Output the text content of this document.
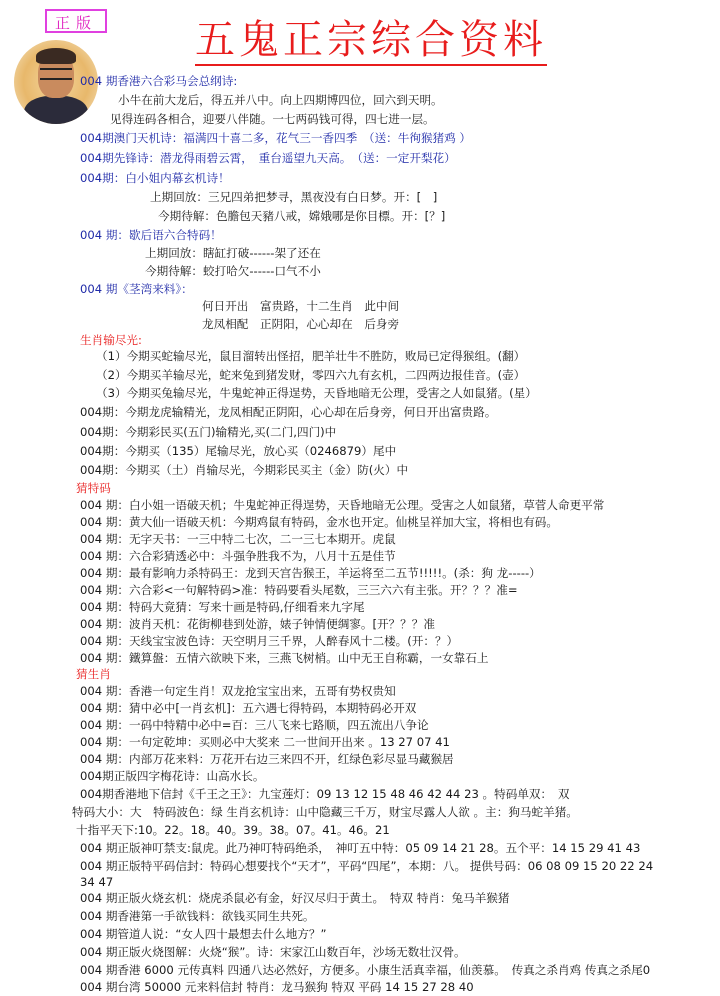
正版 五鬼正宗综合资料
004 期香港六合彩马会总纲诗:
小牛在前大龙后，得五并八中。向上四期博四位，回六到天明。
见得连码各相合，迎要八伴随。一七两码钱可得，四七进一层。
004期澳门天机诗：福满四十喜二多，花气三一香四季　（送：牛徇猴猪鸡 ）
004期先锋诗：潜龙得雨碧云霄，　重台遥望九天高。　（送：一定开梨花）
004期：白小姐内幕玄机诗！
上期回放：三兄四弟把梦寻，黑夜没有白日梦。开：[　]
今期待解：色膽包天豬八戒，嫦娥哪是你目標。开：[？]
004 期：歇后语六合特码！
上期回放：瞎缸打破------架了还在
今期待解：蛟打哈欠------口气不小
004 期《茎湾来料》：
何日开出　富贵路，十二生肖　此中间
龙凤相配　正阴阳，心心却在　后身旁
生肖输尽光:
（1）今期买蛇输尽光，鼠目溜转出怪招，肥羊壮牛不胜防，败局已定得猴组。(翻）
（2）今期买羊输尽光，蛇来兔到猪发财，零四六九有玄机，二四两边报佳音。(壶）
（3）今期买兔输尽光，牛鬼蛇神正得逞势，天昏地暗无公理，受害之人如鼠猪。(星）
004期：今期龙虎输精光，龙凤相配正阴阳，心心却在后身旁，何日开出富贵路。
004期：今期彩民买(五门)输精光,买(二门,四门)中
004期：今期买（135）尾输尽光，放心买（0246879）尾中
004期：今期买（土）肖输尽光，今期彩民买主（金）防(火）中
猜特码
004 期：白小姐一语破天机；牛鬼蛇神正得逞势，天昏地暗无公理。受害之人如鼠猪，草菅人命更平常
004 期：黄大仙一语破天机：今期鸡鼠有特码，金水也开定。仙桃呈祥加大宝，将相也有码。
004 期：无字天书：一三中特二七次，二一三七本期开。虎鼠
004 期：六合彩猜透必中：斗强争胜我不为，八月十五是佳节
004 期：最有影响力杀特码王：龙到天宫告猴王，羊运将至二五节!!!!!。(杀：狗 龙-----）
004 期：六合彩<一句解特码>准：特码要看头尾数，三三六六有主张。开？？？准=
004 期：特码大竟猜：写来十画是特码,仔细看来九字尾
004 期：波肖天机：花街柳巷到处游，婊子钟情便绸寥。[开？？？准
004 期：天线宝宝波色诗：天空明月三千界，人醉春风十二楼。(开：？）
004 期：鐵算盤：五情六欲映下来，三燕飞树梢。山中无王自称霸，一女靠石上
猜生肖
004 期：香港一句定生肖！双龙抢宝宝出来，五哥有势权贵知
004 期：猜中必中[一肖玄机]：五六遇七得特码，本期特码必开双
004 期：一码中特精中必中=百：三八飞来七路顺，四五流出八争论
004 期：一句定乾坤：买则必中大奖来 二一世间开出来 。13 27 07 41
004 期：内部万花来料：万花开右边三来四不开，红绿色彩尽显马藏猴居
004期正版四字梅花诗：山高水长。
004期香港地下信封《千王之王》：九宝莲灯：09 13 12 15 48 46 42 44 23 。特码单双：　双
特码大小：大　特码波色：绿 生肖玄机诗：山中隐藏三千万，财宝尽露人人欲 。主：狗马蛇羊猪。
十指平天下:10。22。18。40。39。38。07。41。46。21
004 期正版神叮禁支:鼠虎。此乃神叮特码绝杀，　神叮五中特：05 09 14 21 28。五个平：14 15 29 41 43
004 期正版特平码信封：特码心想要找个“天才”，平码“四尾”，本期：八。 提供号码：06 08 09 15 20 22 24
34 47
004 期正版火烧玄机：烧虎杀鼠必有金，好汉尽归于黄土。　特双 特肖：兔马羊猴猪
004 期香港第一手欲钱料：欲钱买同生共死。
004 期管道人说：“女人四十最想去什么地方？”
004 期正版火烧图解：火烧“猴”。诗：宋家江山数百年，沙场无数壮汉骨。
004 期香港 6000 元传真料 四通八达必然好，方便多。小康生活真幸福，仙羡慕。　传真之杀肖鸡 传真之杀尾0
004 期台湾 50000 元来料信封 特肖：龙马猴狗 特双 平码 14 15 27 28 40
